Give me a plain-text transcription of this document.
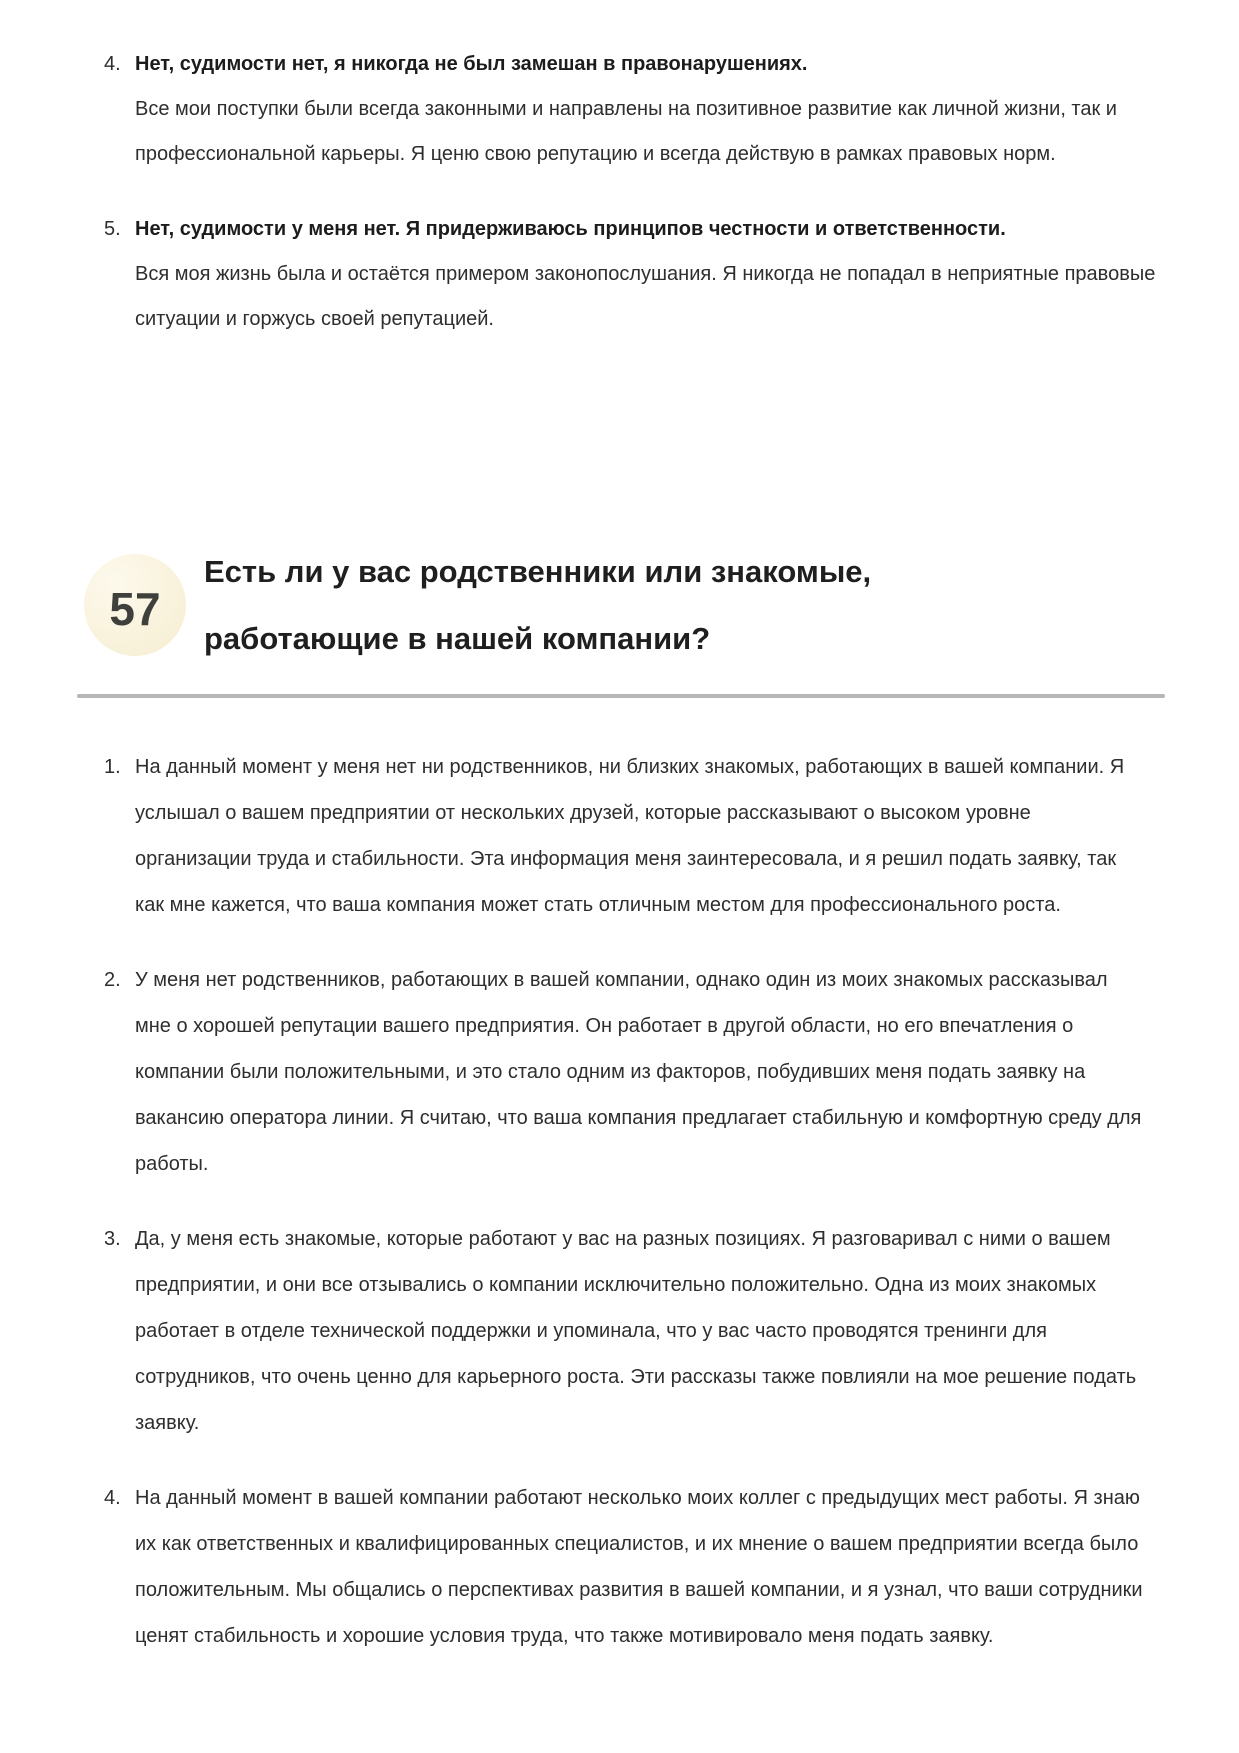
4. Нет, судимости нет, я никогда не был замешан в правонарушениях.
Все мои поступки были всегда законными и направлены на позитивное развитие как личной жизни, так и профессиональной карьеры. Я ценю свою репутацию и всегда действую в рамках правовых норм.
5. Нет, судимости у меня нет. Я придерживаюсь принципов честности и ответственности.
Вся моя жизнь была и остаётся примером законопослушания. Я никогда не попадал в неприятные правовые ситуации и горжусь своей репутацией.
57
Есть ли у вас родственники или знакомые, работающие в нашей компании?
1. На данный момент у меня нет ни родственников, ни близких знакомых, работающих в вашей компании. Я услышал о вашем предприятии от нескольких друзей, которые рассказывают о высоком уровне организации труда и стабильности. Эта информация меня заинтересовала, и я решил подать заявку, так как мне кажется, что ваша компания может стать отличным местом для профессионального роста.
2. У меня нет родственников, работающих в вашей компании, однако один из моих знакомых рассказывал мне о хорошей репутации вашего предприятия. Он работает в другой области, но его впечатления о компании были положительными, и это стало одним из факторов, побудивших меня подать заявку на вакансию оператора линии. Я считаю, что ваша компания предлагает стабильную и комфортную среду для работы.
3. Да, у меня есть знакомые, которые работают у вас на разных позициях. Я разговаривал с ними о вашем предприятии, и они все отзывались о компании исключительно положительно. Одна из моих знакомых работает в отделе технической поддержки и упоминала, что у вас часто проводятся тренинги для сотрудников, что очень ценно для карьерного роста. Эти рассказы также повлияли на мое решение подать заявку.
4. На данный момент в вашей компании работают несколько моих коллег с предыдущих мест работы. Я знаю их как ответственных и квалифицированных специалистов, и их мнение о вашем предприятии всегда было положительным. Мы общались о перспективах развития в вашей компании, и я узнал, что ваши сотрудники ценят стабильность и хорошие условия труда, что также мотивировало меня подать заявку.
